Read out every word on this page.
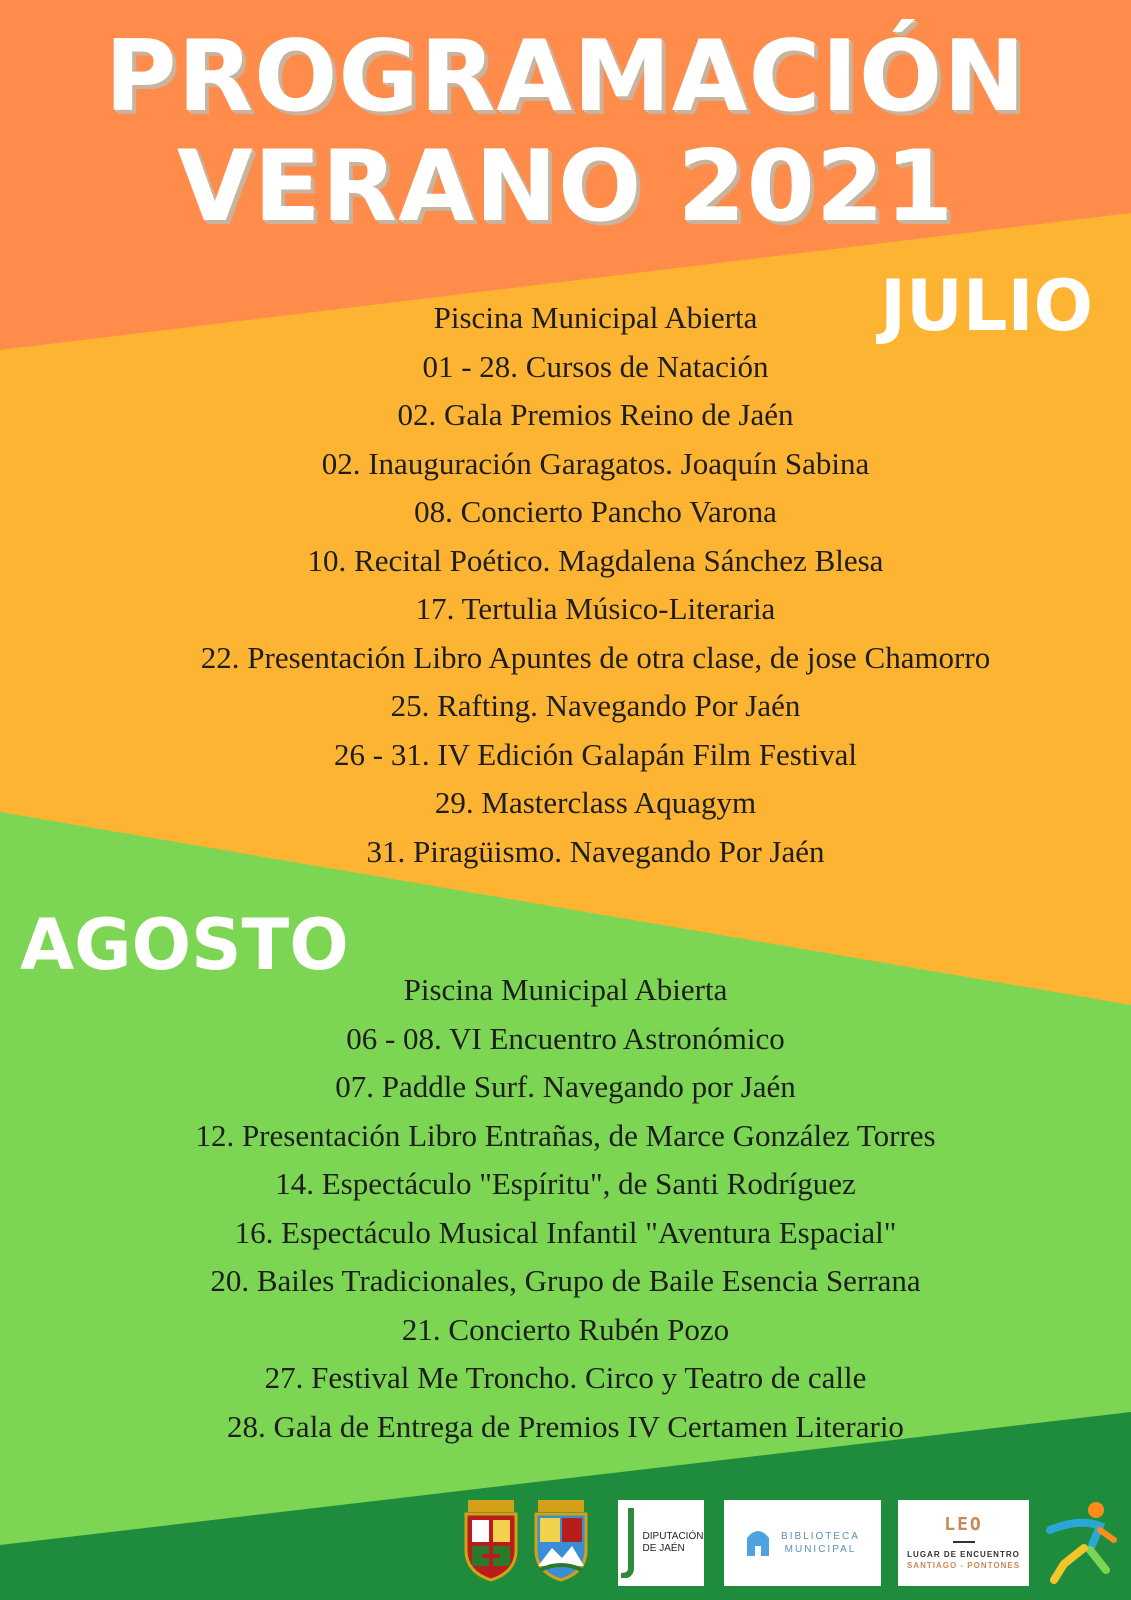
PROGRAMACIÓN
VERANO 2021
JULIO
Piscina Municipal Abierta
01 - 28. Cursos de Natación
02. Gala Premios Reino de Jaén
02. Inauguración Garagatos. Joaquín Sabina
08. Concierto Pancho Varona
10. Recital Poético. Magdalena Sánchez Blesa
17. Tertulia Músico-Literaria
22. Presentación Libro Apuntes de otra clase, de jose Chamorro
25. Rafting. Navegando Por Jaén
26 - 31. IV Edición Galapán Film Festival
29. Masterclass Aquagym
31. Piragüismo. Navegando Por Jaén
AGOSTO
Piscina Municipal Abierta
06 - 08. VI Encuentro Astronómico
07. Paddle Surf. Navegando por Jaén
12. Presentación Libro Entrañas, de Marce González Torres
14. Espectáculo "Espíritu", de Santi Rodríguez
16. Espectáculo Musical Infantil "Aventura Espacial"
20. Bailes Tradicionales, Grupo de Baile Esencia Serrana
21. Concierto Rubén Pozo
27. Festival Me Troncho. Circo y Teatro de calle
28. Gala de Entrega de Premios IV Certamen Literario
DIPUTACIÓN
DE JAÉN
BIBLIOTECA
MUNICIPAL
LEO
LUGAR DE ENCUENTRO
SANTIAGO - PONTONES
